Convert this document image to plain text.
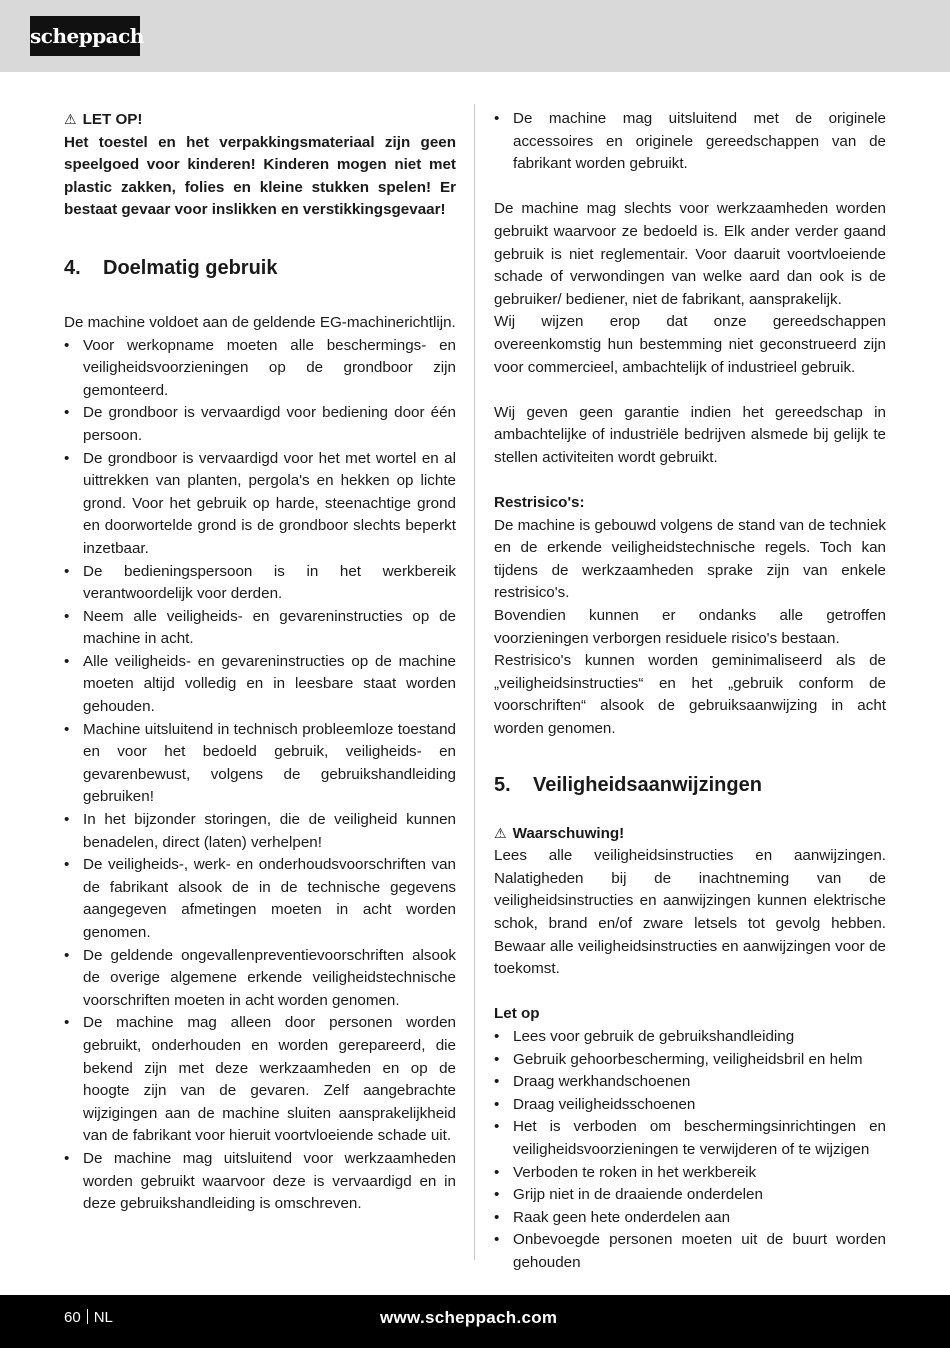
scheppach
⚠ LET OP!

Het toestel en het verpakkingsmateriaal zijn geen speelgoed voor kinderen! Kinderen mogen niet met plastic zakken, folies en kleine stukken spelen! Er bestaat gevaar voor inslikken en verstikkingsgevaar!

4.	Doelmatig gebruik

De machine voldoet aan de geldende EG-machinerichtlijn.

• Voor werkopname moeten alle beschermings- en veiligheidsvoorzieningen op de grondboor zijn gemonteerd.
• De grondboor is vervaardigd voor bediening door één persoon.
• De grondboor is vervaardigd voor het met wortel en al uittrekken van planten, pergola's en hekken op lichte grond. Voor het gebruik op harde, steenachtige grond en doorwortelde grond is de grondboor slechts beperkt inzetbaar.
• De bedieningspersoon is in het werkbereik verantwoordelijk voor derden.
• Neem alle veiligheids- en gevareninstructies op de machine in acht.
• Alle veiligheids- en gevareninstructies op de machine moeten altijd volledig en in leesbare staat worden gehouden.
• Machine uitsluitend in technisch probleemloze toestand en voor het bedoeld gebruik, veiligheids- en gevarenbewust, volgens de gebruikshandleiding gebruiken!
• In het bijzonder storingen, die de veiligheid kunnen benadelen, direct (laten) verhelpen!
• De veiligheids-, werk- en onderhoudsvoorschriften van de fabrikant alsook de in de technische gegevens aangegeven afmetingen moeten in acht worden genomen.
• De geldende ongevallenpreventievoorschriften alsook de overige algemene erkende veiligheidstechnische voorschriften moeten in acht worden genomen.
• De machine mag alleen door personen worden gebruikt, onderhouden en worden gerepareerd, die bekend zijn met deze werkzaamheden en op de hoogte zijn van de gevaren. Zelf aangebrachte wijzigingen aan de machine sluiten aansprakelijkheid van de fabrikant voor hieruit voortvloeiende schade uit.
• De machine mag uitsluitend voor werkzaamheden worden gebruikt waarvoor deze is vervaardigd en in deze gebruikshandleiding is omschreven.
• De machine mag uitsluitend met de originele accessoires en originele gereedschappen van de fabrikant worden gebruikt.

De machine mag slechts voor werkzaamheden worden gebruikt waarvoor ze bedoeld is. Elk ander verder gaand gebruik is niet reglementair. Voor daaruit voortvloeiende schade of verwondingen van welke aard dan ook is de gebruiker/ bediener, niet de fabrikant, aansprakelijk.

Wij wijzen erop dat onze gereedschappen overeenkomstig hun bestemming niet geconstrueerd zijn voor commercieel, ambachtelijk of industrieel gebruik.

Wij geven geen garantie indien het gereedschap in ambachtelijke of industriële bedrijven alsmede bij gelijk te stellen activiteiten wordt gebruikt.

Restrisico's:

De machine is gebouwd volgens de stand van de techniek en de erkende veiligheidstechnische regels. Toch kan tijdens de werkzaamheden sprake zijn van enkele restrisico's.

Bovendien kunnen er ondanks alle getroffen voorzieningen verborgen residuele risico's bestaan.

Restrisico's kunnen worden geminimaliseerd als de „veiligheidsinstructies“ en het „gebruik conform de voorschriften“ alsook de gebruiksaanwijzing in acht worden genomen.

5.	Veiligheidsaanwijzingen
⚠ Waarschuwing!

Lees alle veiligheidsinstructies en aanwijzingen. Nalatigheden bij de inachtneming van de veiligheidsinstructies en aanwijzingen kunnen elektrische schok, brand en/of zware letsels tot gevolg hebben. Bewaar alle veiligheidsinstructies en aanwijzingen voor de toekomst.

Let op

• Lees voor gebruik de gebruikshandleiding
• Gebruik gehoorbescherming, veiligheidsbril en helm
• Draag werkhandschoenen
• Draag veiligheidsschoenen
• Het is verboden om beschermingsinrichtingen en veiligheidsvoorzieningen te verwijderen of te wijzigen
• Verboden te roken in het werkbereik
• Grijp niet in de draaiende onderdelen
• Raak geen hete onderdelen aan
• Onbevoegde personen moeten uit de buurt worden gehouden
60 NL	www.scheppach.com
